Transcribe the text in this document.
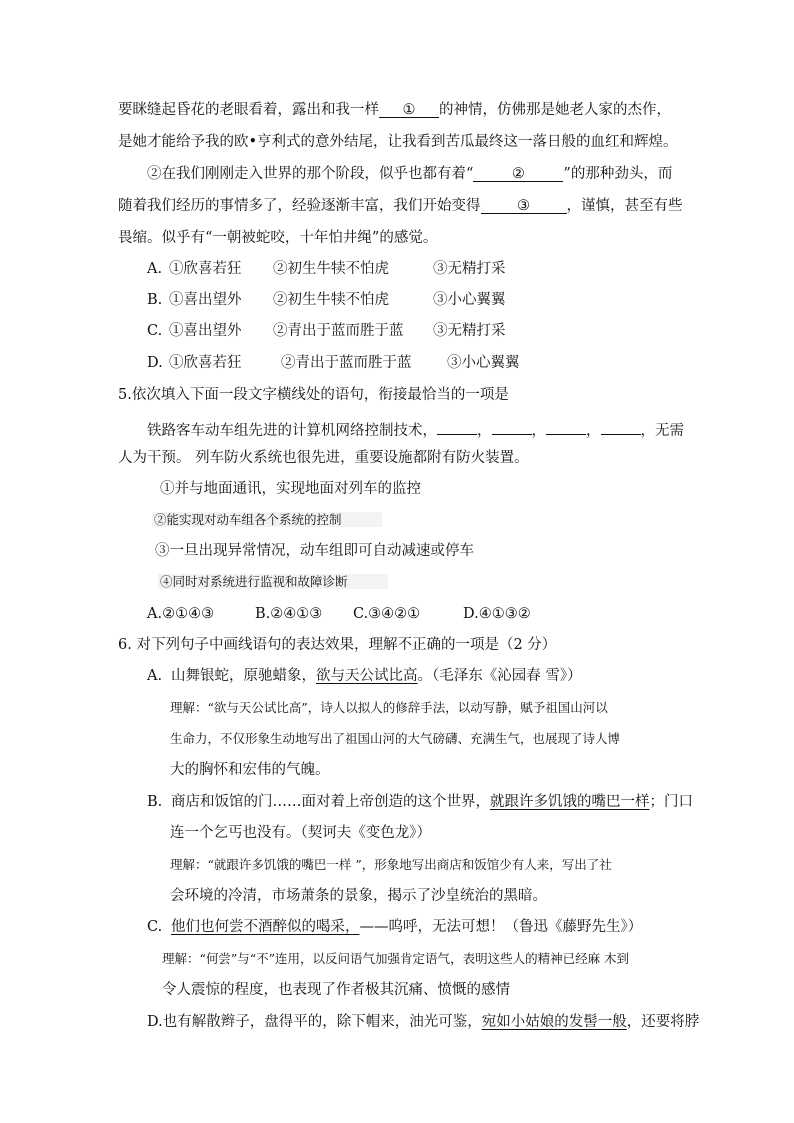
要眯缝起昏花的老眼看着，露出和我一样 ① 的神情，仿佛那是她老人家的杰作，
是她才能给予我的欧•亨利式的意外结尾，让我看到苦瓜最终这一落日般的血红和辉煌。
②在我们刚刚走入世界的那个阶段，似乎也都有着“	②	”的那种劲头，而
随着我们经历的事情多了，经验逐渐丰富，我们开始变得	③	，谨慎，甚至有些
畏缩。似乎有“一朝被蛇咬，十年怕井绳”的感觉。
A. ①欣喜若狂 ②初生牛犊不怕虎	③无精打采
B. ①喜出望外 ②初生牛犊不怕虎	③小心翼翼
C. ①喜出望外 ②青出于蓝而胜于蓝 ③无精打采
D. ①欣喜若狂	②青出于蓝而胜于蓝 ③小心翼翼
5.依次填入下面一段文字横线处的语句，衔接最恰当的一项是
铁路客车动车组先进的计算机网络控制技术，	，	，	，	，无需
人为干预。 列车防火系统也很先进，重要设施都附有防火装置。
①并与地面通讯，实现地面对列车的监控
②能实现对动车组各个系统的控制
③一旦出现异常情况，动车组即可自动减速或停车
④同时对系统进行监视和故障诊断
A.②①④③	B.②④①③ C.③④②①	D.④①③②
6. 对下列句子中画线语句的表达效果，理解不正确的一项是（2 分）
A. 山舞银蛇，原驰蜡象，欲与天公试比高。（毛泽东《沁园春 雪》）
理解：“欲与天公试比高”，诗人以拟人的修辞手法，以动写静，赋予祖国山河以
生命力，不仅形象生动地写出了祖国山河的大气磅礴、充满生气，也展现了诗人博
大的胸怀和宏伟的气魄。
B. 商店和饭馆的门……面对着上帝创造的这个世界，就跟许多饥饿的嘴巴一样；门口
连一个乞丐也没有。（契诃夫《变色龙》）
理解：“就跟许多饥饿的嘴巴一样 ”，形象地写出商店和饭馆少有人来，写出了社
会环境的冷清，市场萧条的景象，揭示了沙皇统治的黑暗。
C. 他们也何尝不酒醉似的喝采，——呜呼，无法可想！（鲁迅《藤野先生》）
理解：“何尝”与“不”连用，以反问语气加强肯定语气，表明这些人的精神已经麻 木到
令人震惊的程度，也表现了作者极其沉痛、愤慨的感情
D.也有解散辫子，盘得平的，除下帽来，油光可鉴，宛如小姑娘的发髻一般，还要将脖
